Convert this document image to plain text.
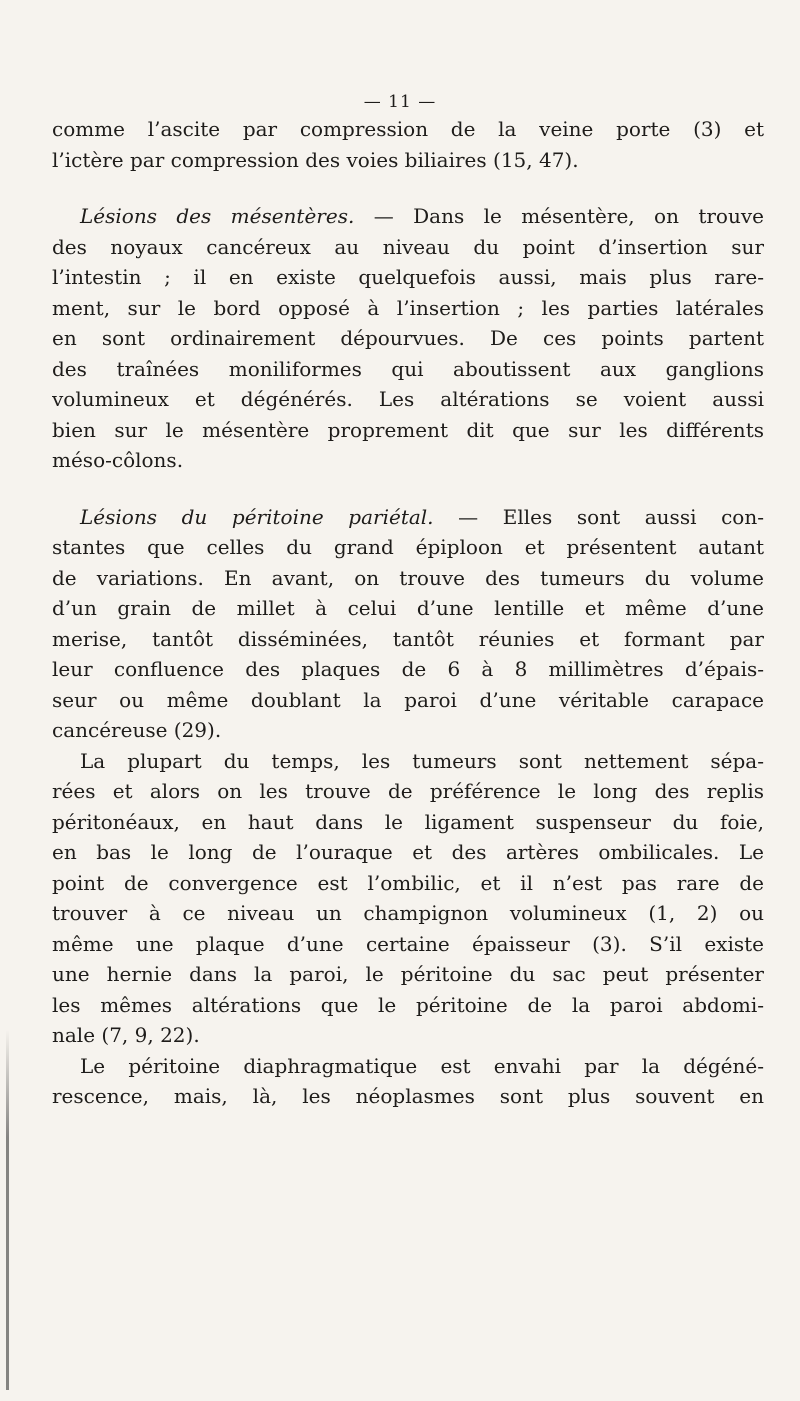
— 11 —
comme l’ascite par compression de la veine porte (3) et
l’ictère par compression des voies biliaires (15, 47).
Lésions des mésentères. — Dans le mésentère, on trouve
des noyaux cancéreux au niveau du point d’insertion sur
l’intestin ; il en existe quelquefois aussi, mais plus rare-
ment, sur le bord opposé à l’insertion ; les parties latérales
en sont ordinairement dépourvues. De ces points partent
des traînées moniliformes qui aboutissent aux ganglions
volumineux et dégénérés. Les altérations se voient aussi
bien sur le mésentère proprement dit que sur les différents
méso-côlons.
Lésions du péritoine pariétal. — Elles sont aussi con-
stantes que celles du grand épiploon et présentent autant
de variations. En avant, on trouve des tumeurs du volume
d’un grain de millet à celui d’une lentille et même d’une
merise, tantôt disséminées, tantôt réunies et formant par
leur confluence des plaques de 6 à 8 millimètres d’épais-
seur ou même doublant la paroi d’une véritable carapace
cancéreuse (29).
La plupart du temps, les tumeurs sont nettement sépa-
rées et alors on les trouve de préférence le long des replis
péritonéaux, en haut dans le ligament suspenseur du foie,
en bas le long de l’ouraque et des artères ombilicales. Le
point de convergence est l’ombilic, et il n’est pas rare de
trouver à ce niveau un champignon volumineux (1, 2) ou
même une plaque d’une certaine épaisseur (3). S’il existe
une hernie dans la paroi, le péritoine du sac peut présenter
les mêmes altérations que le péritoine de la paroi abdomi-
nale (7, 9, 22).
Le péritoine diaphragmatique est envahi par la dégéné-
rescence, mais, là, les néoplasmes sont plus souvent en
